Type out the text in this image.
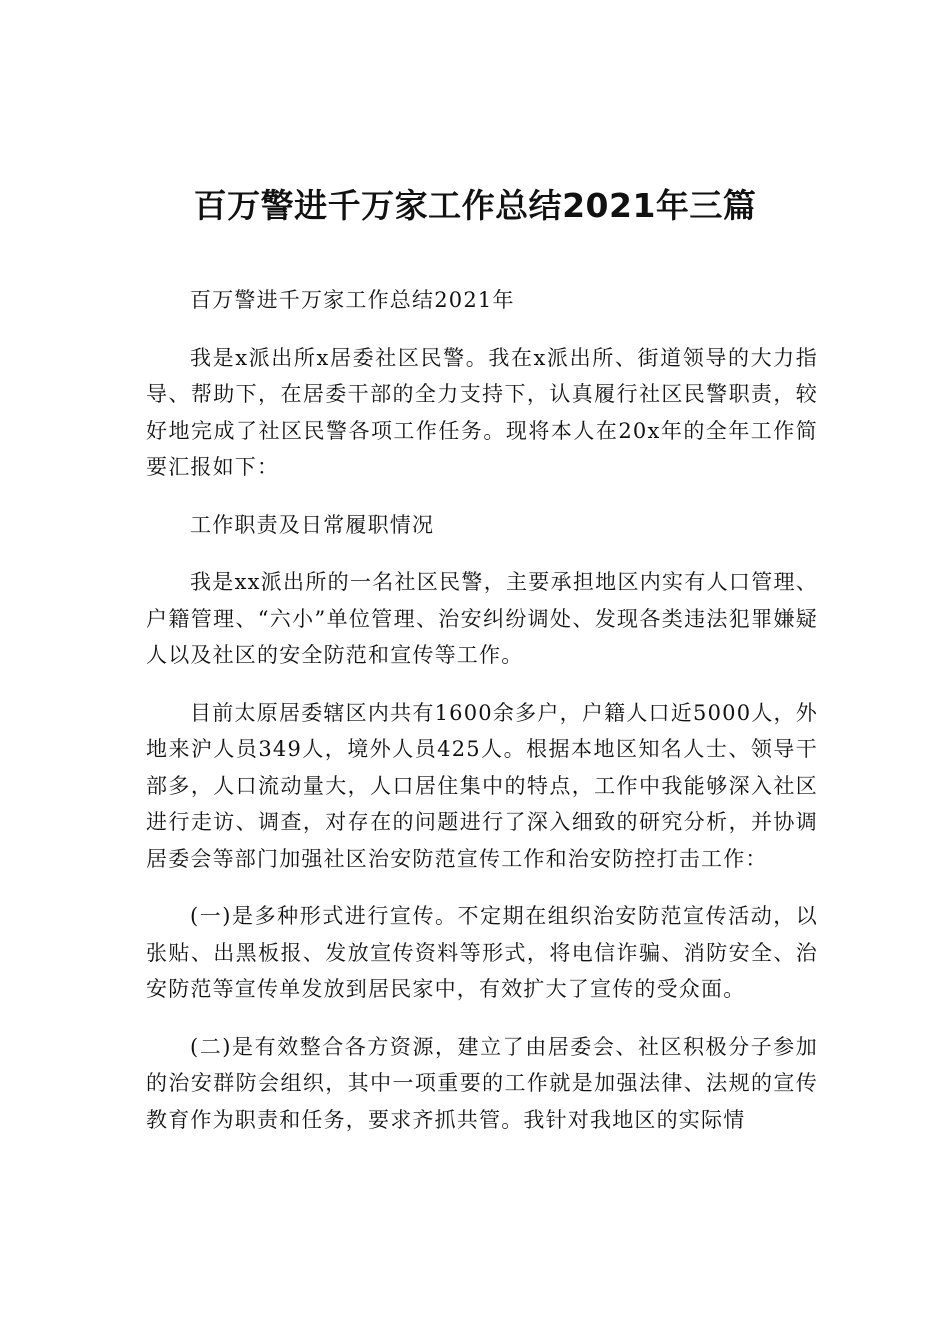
百万警进千万家工作总结2021年三篇

百万警进千万家工作总结2021年

我是x派出所x居委社区民警。我在x派出所、街道领导的大力指导、帮助下，在居委干部的全力支持下，认真履行社区民警职责，较好地完成了社区民警各项工作任务。现将本人在20x年的全年工作简要汇报如下：

工作职责及日常履职情况

我是xx派出所的一名社区民警，主要承担地区内实有人口管理、户籍管理、“六小”单位管理、治安纠纷调处、发现各类违法犯罪嫌疑人以及社区的安全防范和宣传等工作。

目前太原居委辖区内共有1600余多户，户籍人口近5000人，外地来沪人员349人，境外人员425人。根据本地区知名人士、领导干部多，人口流动量大，人口居住集中的特点，工作中我能够深入社区进行走访、调查，对存在的问题进行了深入细致的研究分析，并协调居委会等部门加强社区治安防范宣传工作和治安防控打击工作：

(一)是多种形式进行宣传。不定期在组织治安防范宣传活动，以张贴、出黑板报、发放宣传资料等形式，将电信诈骗、消防安全、治安防范等宣传单发放到居民家中，有效扩大了宣传的受众面。

(二)是有效整合各方资源，建立了由居委会、社区积极分子参加的治安群防会组织，其中一项重要的工作就是加强法律、法规的宣传教育作为职责和任务，要求齐抓共管。我针对我地区的实际情
